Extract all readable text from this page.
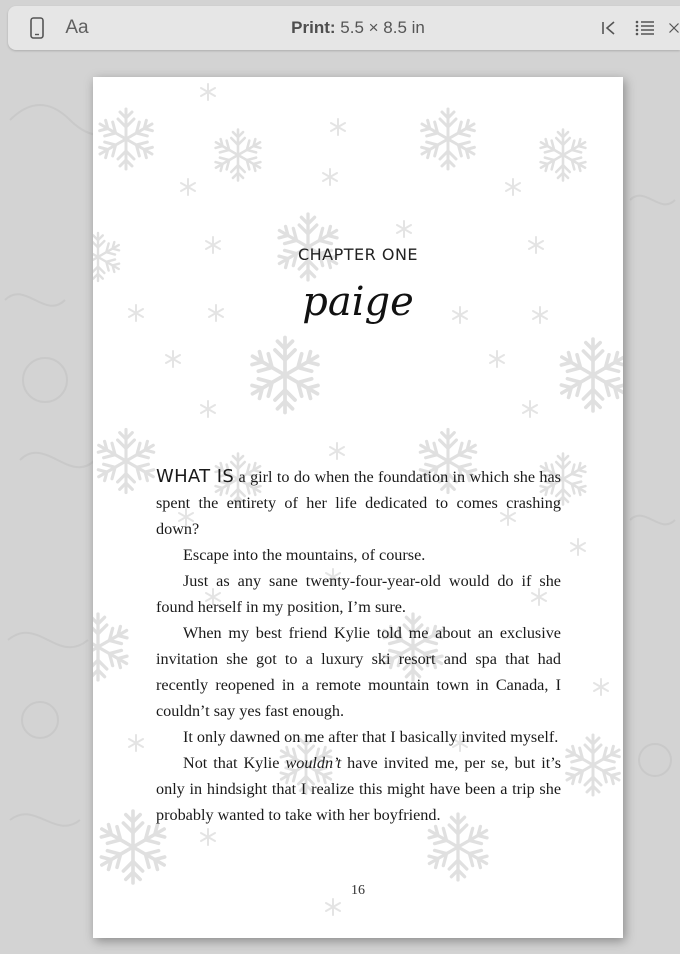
Aa	Print: 5.5 × 8.5 in
CHAPTER ONE
paige

WHAT IS a girl to do when the foundation in which she has spent the entirety of her life dedicated to comes crashing down?

Escape into the mountains, of course.

Just as any sane twenty-four-year-old would do if she found herself in my position, I’m sure.

When my best friend Kylie told me about an exclusive invitation she got to a luxury ski resort and spa that had recently reopened in a remote mountain town in Canada, I couldn’t say yes fast enough.

It only dawned on me after that I basically invited myself.

Not that Kylie wouldn’t have invited me, per se, but it’s only in hindsight that I realize this might have been a trip she probably wanted to take with her boyfriend.

16
